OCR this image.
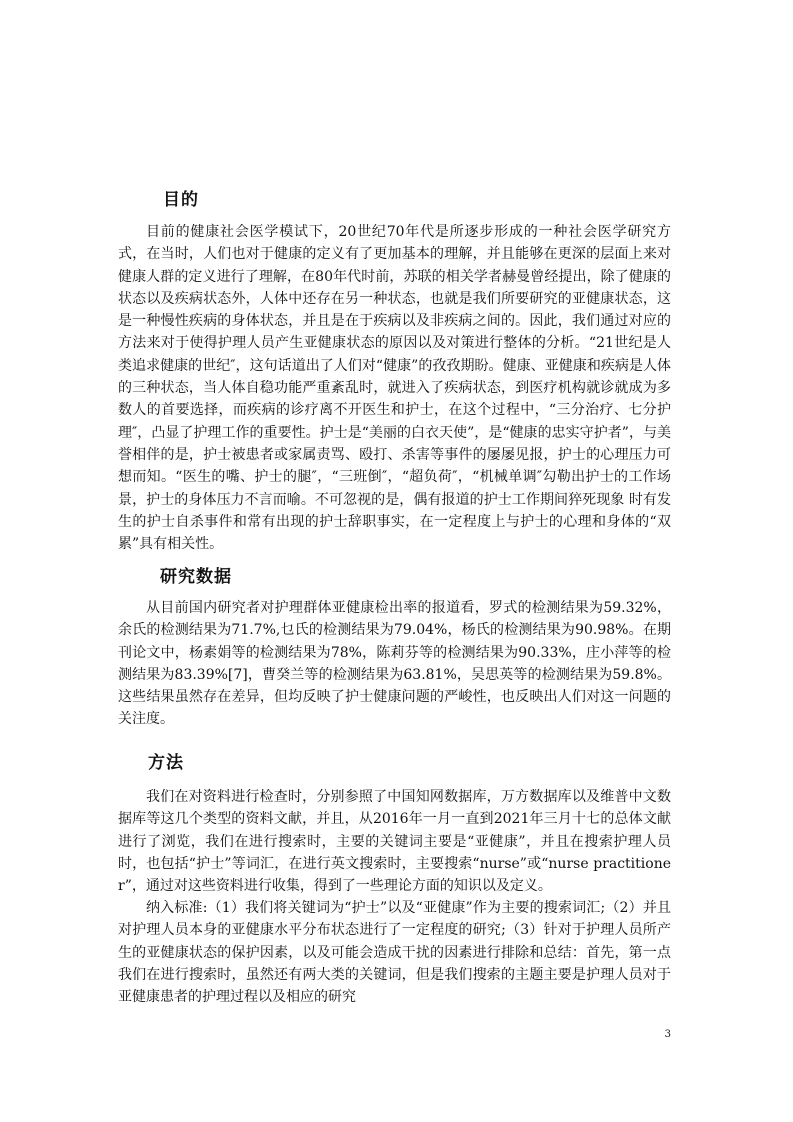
目的

目前的健康社会医学模试下，20世纪70年代是所逐步形成的一种社会医学研究方式，在当时，人们也对于健康的定义有了更加基本的理解，并且能够在更深的层面上来对健康人群的定义进行了理解，在80年代时前，苏联的相关学者赫曼曾经提出，除了健康的状态以及疾病状态外，人体中还存在另一种状态，也就是我们所要研究的亚健康状态，这是一种慢性疾病的身体状态，并且是在于疾病以及非疾病之间的。因此，我们通过对应的方法来对于使得护理人员产生亚健康状态的原因以及对策进行整体的分析。“21世纪是人类追求健康的世纪″，这句话道出了人们对“健康”的孜孜期盼。健康、亚健康和疾病是人体的三种状态，当人体自稳功能严重紊乱时，就进入了疾病状态，到医疗机构就诊就成为多数人的首要选择，而疾病的诊疗离不开医生和护士，在这个过程中，“三分治疗、七分护理″，凸显了护理工作的重要性。护士是“美丽的白衣天使”，是“健康的忠实守护者”，与美誉相伴的是，护士被患者或家属责骂、殴打、杀害等事件的屡屡见报，护士的心理压力可想而知。“医生的嘴、护士的腿″，“三班倒″，“超负荷″，“机械单调″勾勒出护士的工作场景，护士的身体压力不言而喻。不可忽视的是，偶有报道的护士工作期间猝死现象 时有发生的护士自杀事件和常有出现的护士辞职事实，在一定程度上与护士的心理和身体的“双累”具有相关性。

研究数据

从目前国内研究者对护理群体亚健康检出率的报道看，罗式的检测结果为59.32%，余氏的检测结果为71.7%,乜氏的检测结果为79.04%，杨氏的检测结果为90.98%。在期刊论文中，杨素娟等的检测结果为78%，陈莉芬等的检测结果为90.33%，庄小萍等的检测结果为83.39%[7]，曹癸兰等的检测结果为63.81%，吴思英等的检测结果为59.8%。这些结果虽然存在差异，但均反映了护士健康问题的严峻性，也反映出人们对这一问题的关注度。

方法

我们在对资料进行检查时，分别参照了中国知网数据库，万方数据库以及维普中文数据库等这几个类型的资料文献，并且，从2016年一月一直到2021年三月十七的总体文献进行了浏览，我们在进行搜索时，主要的关键词主要是“亚健康”，并且在搜索护理人员时，也包括“护士”等词汇，在进行英文搜索时，主要搜索“nurse”或“nurse practitioner”，通过对这些资料进行收集，得到了一些理论方面的知识以及定义。

纳入标准:（1）我们将关键词为“护士”以及“亚健康”作为主要的搜索词汇;（2）并且对护理人员本身的亚健康水平分布状态进行了一定程度的研究;（3）针对于护理人员所产生的亚健康状态的保护因素，以及可能会造成干扰的因素进行排除和总结：首先，第一点我们在进行搜索时，虽然还有两大类的关键词，但是我们搜索的主题主要是护理人员对于亚健康患者的护理过程以及相应的研究

3
